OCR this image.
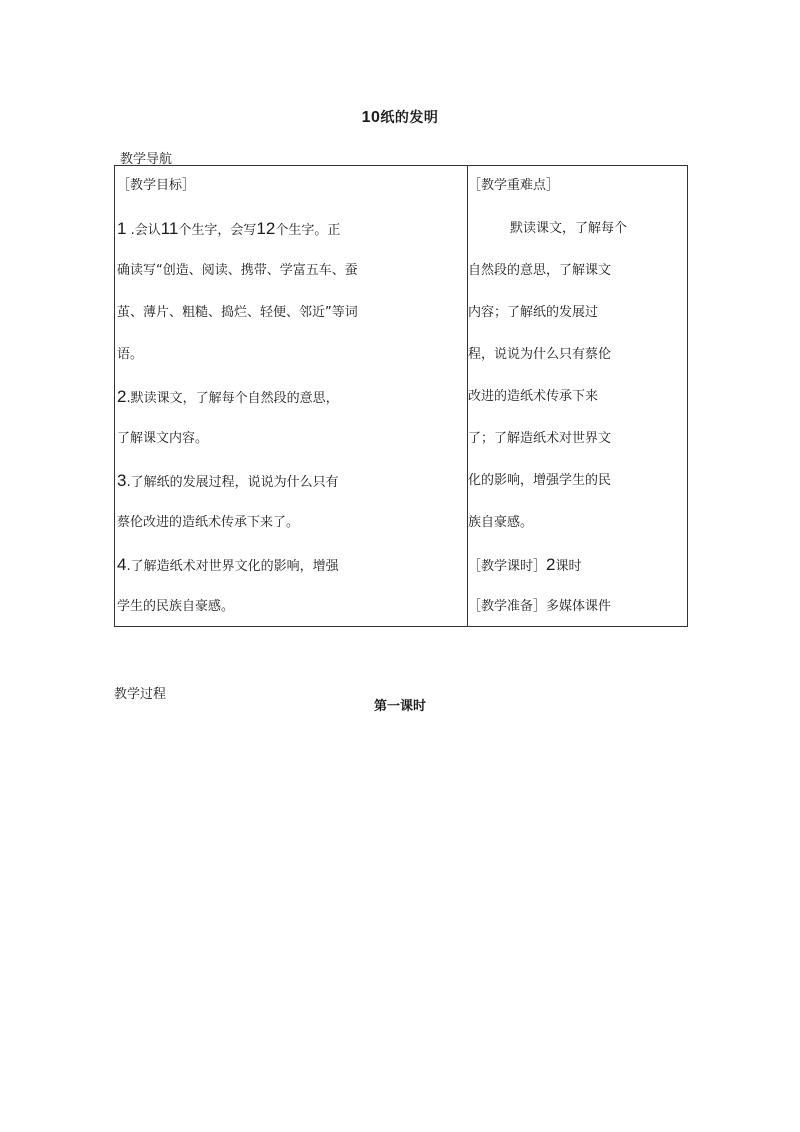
10纸的发明
教学导航
［教学目标］
1 .会认11个生字，会写12个生字。正
确读写“创造、阅读、携带、学富五车、蚕
茧、薄片、粗糙、捣烂、轻便、邻近”等词
语。
2.默读课文，了解每个自然段的意思，
了解课文内容。
3.了解纸的发展过程，说说为什么只有
蔡伦改进的造纸术传承下来了。
4.了解造纸术对世界文化的影响，增强
学生的民族自豪感。
［教学重难点］
默读课文，了解每个
自然段的意思，了解课文
内容；了解纸的发展过
程，说说为什么只有蔡伦
改进的造纸术传承下来
了；了解造纸术对世界文
化的影响，增强学生的民
族自豪感。
［教学课时］2课时
［教学准备］多媒体课件
教学过程
第一课时
